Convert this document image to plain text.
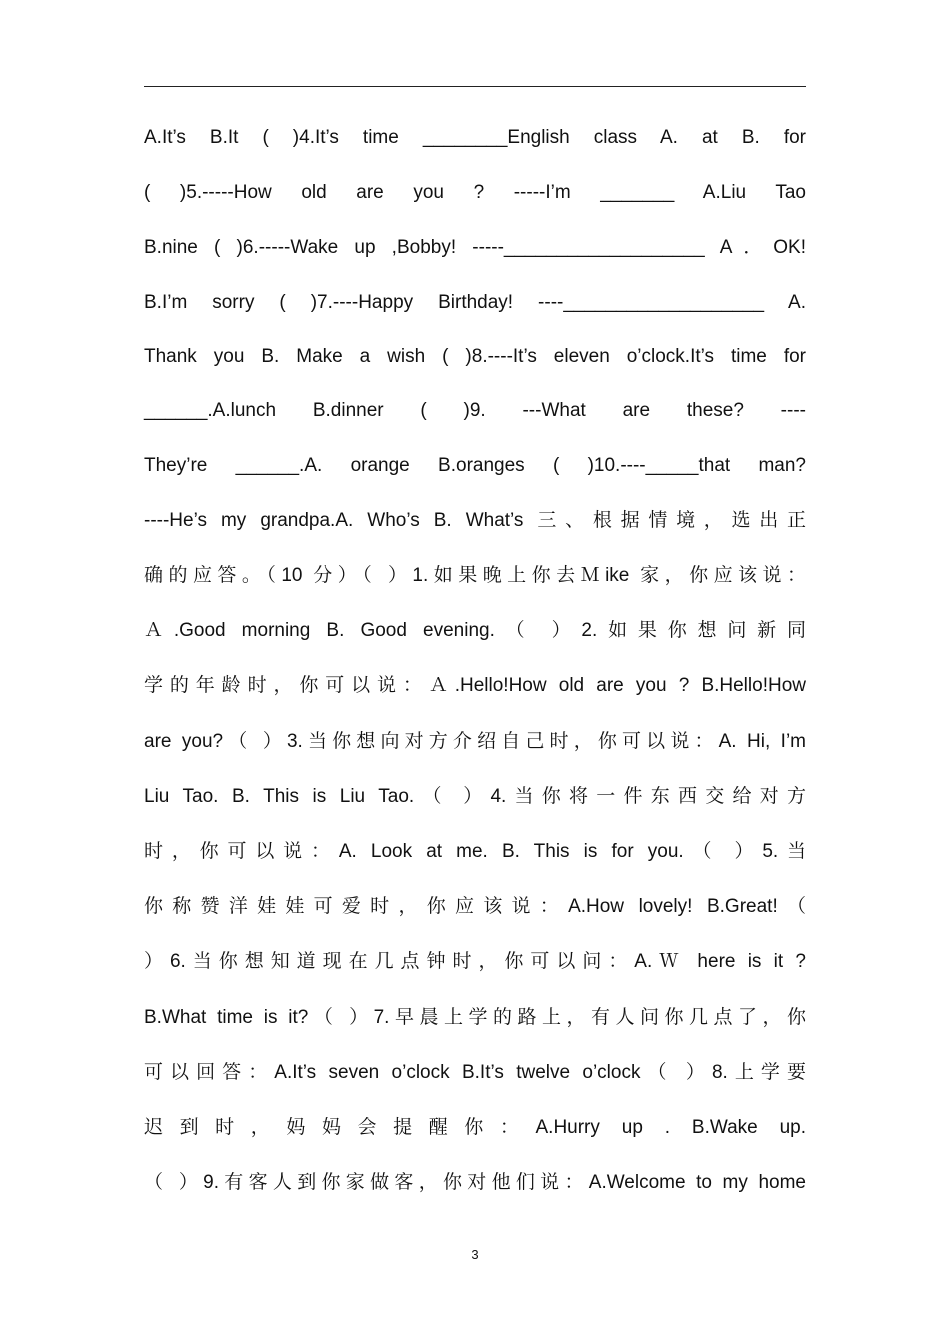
A.It’s B.It ( )4.It’s time ________English class A. at B. for
( )5.-----How old are you ? -----I’m _______ A.Liu Tao
B.nine ( )6.-----Wake up ,Bobby! -----___________________ A．OK!
B.I’m sorry ( )7.----Happy Birthday! ----___________________ A.
Thank you B. Make a wish ( )8.----It’s eleven o’clock.It’s time for
______.A.lunch B.dinner ( )9. ---What are these? ----
They’re ______.A. orange B.oranges ( )10.----_____that man?
----He’s my grandpa.A. Who’s B. What’s 三、根据情境，选出正
确的应答。（10 分）（ ）1.如果晚上你去Ｍike 家，你应该说：
Ａ.Good morning B. Good evening.（ ）2.如果你想问新同
学的年龄时，你可以说：Ａ.Hello!How old are you ? B.Hello!How
are you?（ ）3.当你想向对方介绍自己时，你可以说：A. Hi, I’m
Liu Tao. B. This is Liu Tao.（ ）4.当你将一件东西交给对方
时，你可以说：A. Look at me. B. This is for you.（ ）5.当
你称赞洋娃娃可爱时，你应该说：A.How lovely! B.Great!（
）6.当你想知道现在几点钟时，你可以问：A.Ｗ here is it ?
B.What time is it?（ ）7.早晨上学的路上，有人问你几点了，你
可以回答：A.It’s seven o’clock B.It’s twelve o’clock（ ）8.上学要
迟到时，妈妈会提醒你：A.Hurry up . B.Wake up.
（ ）9.有客人到你家做客，你对他们说：A.Welcome to my home
3
